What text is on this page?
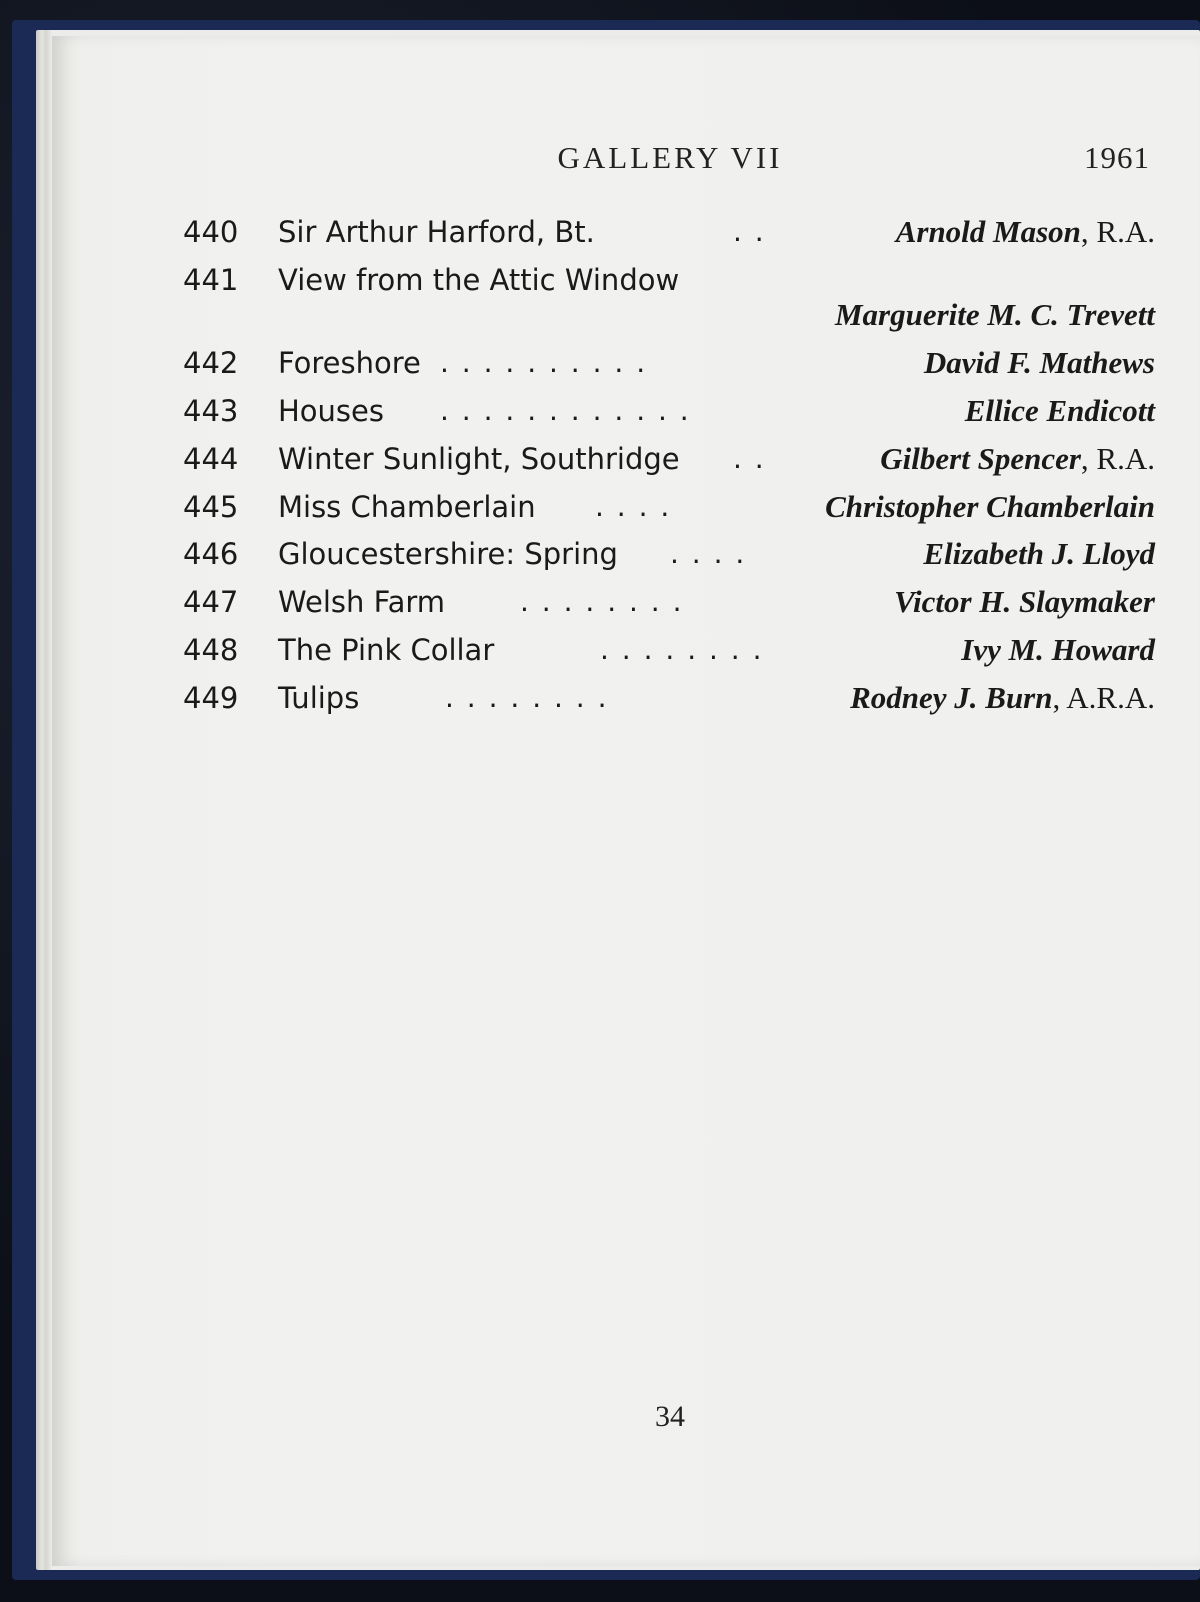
GALLERY VII	1961
440 Sir Arthur Harford, Bt.	. .	Arnold Mason, R.A.
441 View from the Attic Window
Marguerite M. C. Trevett
442 Foreshore . . . . . . . . . .	David F. Mathews
443 Houses . . . . . . . . . . . .	Ellice Endicott
444 Winter Sunlight, Southridge . .	Gilbert Spencer, R.A.
445 Miss Chamberlain . . . .	Christopher Chamberlain
446 Gloucestershire: Spring . . . .	Elizabeth J. Lloyd
447 Welsh Farm	. . . . . . . .	Victor H. Slaymaker
448 The Pink Collar	. . . . . . . .	Ivy M. Howard
449 Tulips	. . . . . . . .	Rodney J. Burn, A.R.A.
34
